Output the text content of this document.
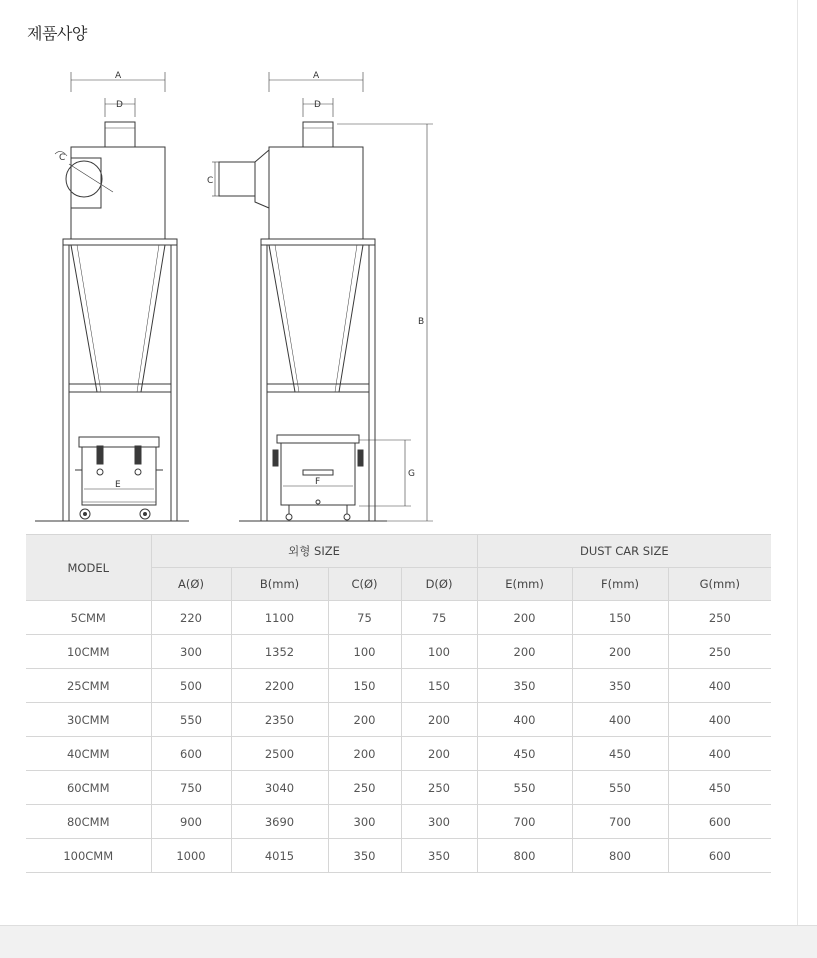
제품사양
A
D
C
E
A
D
C
F
G
B
MODEL	외형 SIZE				DUST CAR SIZE		
	A(Ø)	B(mm)	C(Ø)	D(Ø)	E(mm)	F(mm)	G(mm)
5CMM	220	1100	75	75	200	150	250
10CMM	300	1352	100	100	200	200	250
25CMM	500	2200	150	150	350	350	400
30CMM	550	2350	200	200	400	400	400
40CMM	600	2500	200	200	450	450	400
60CMM	750	3040	250	250	550	550	450
80CMM	900	3690	300	300	700	700	600
100CMM	1000	4015	350	350	800	800	600
